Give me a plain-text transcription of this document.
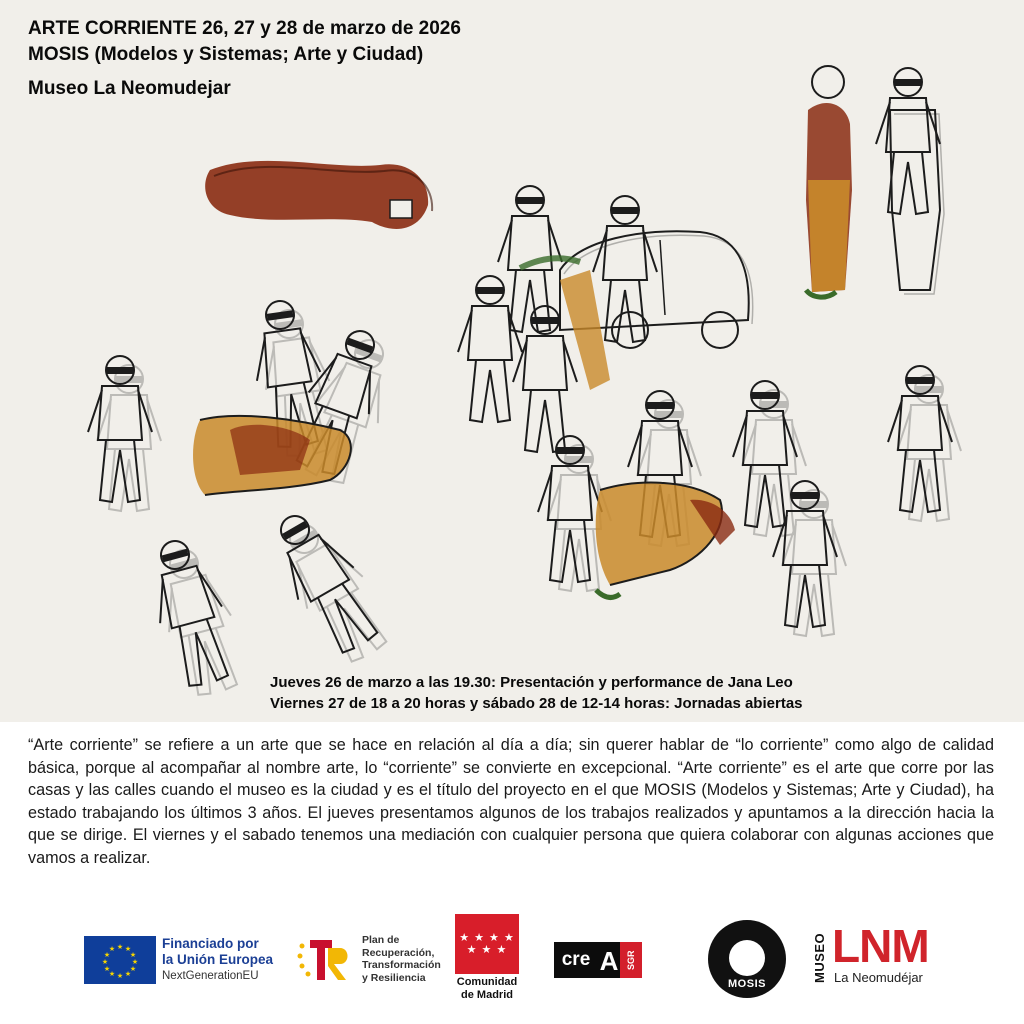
ARTE CORRIENTE 26, 27 y 28 de marzo de 2026

MOSIS (Modelos y Sistemas; Arte y Ciudad)

Museo La Neomudejar

Jueves 26 de marzo a las 19.30: Presentación y performance de Jana Leo

Viernes 27 de 18 a 20 horas y sábado 28 de 12-14 horas: Jornadas abiertas

“Arte corriente” se refiere a un arte que se hace en relación al día a día; sin querer hablar de “lo corriente” como algo de calidad básica, porque al acompañar al nombre arte, lo “corriente” se convierte en excepcional. “Arte corriente” es el arte que corre por las casas y las calles cuando el museo es la ciudad y es el título del proyecto en el que MOSIS (Modelos y Sistemas; Arte y Ciudad), ha estado trabajando los últimos 3 años. El jueves presentamos algunos de los trabajos realizados y apuntamos a la dirección hacia la que se dirige. El viernes y el sabado tenemos una mediación con cualquier persona que quiera colaborar con algunas acciones que vamos a realizar.

★ ★
★
★
★
★
★
★
★
★
★
★	Financiado por

la Unión Europea

NextGenerationEU

Plan de

Recuperación,

Transformación

y Resiliencia

★ ★ ★ ★
★ ★ ★

Comunidad

de Madrid

cre A SGR
MOSIS
MUSEO LNM
La Neomudéjar
